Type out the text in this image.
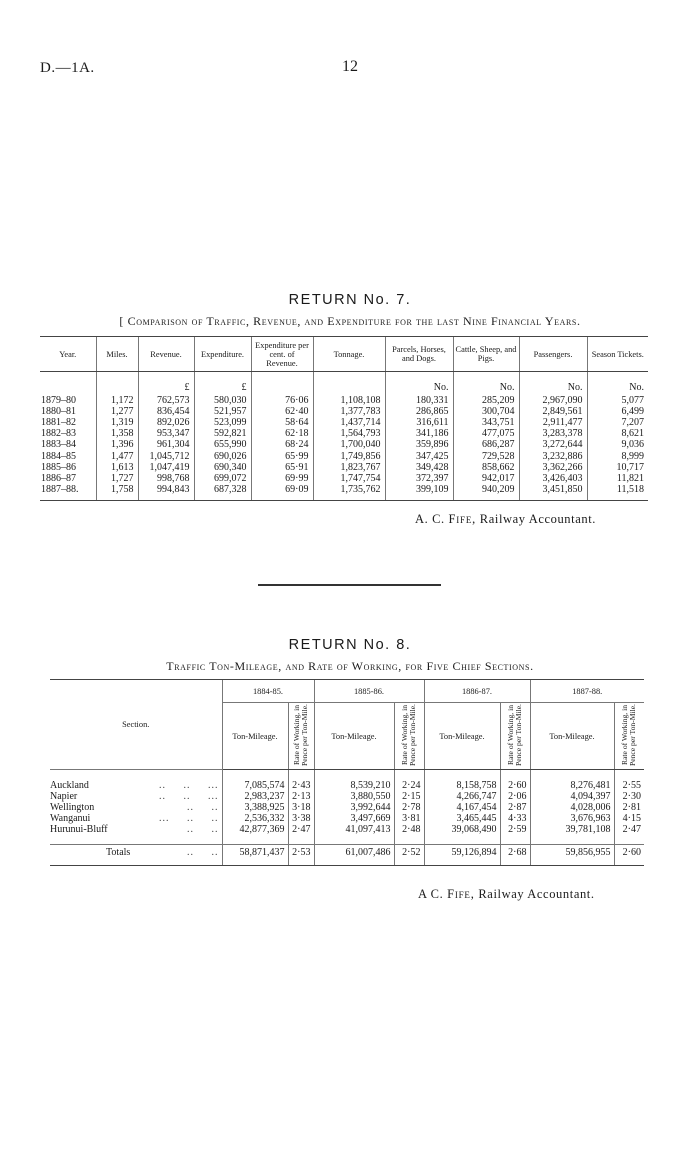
D.—1A.	12
RETURN No. 7.
[ Comparison of Traffic, Revenue, and Expenditure for the last Nine Financial Years.
Year.	Miles.	Revenue.	Expenditure.	Expenditure per cent. of Revenue.	Tonnage.	Parcels, Horses, and Dogs.	Cattle, Sheep, and Pigs.	Passengers.	Season Tickets.

		£	£			No.	No.	No.	No.
1879–80	1,172	762,573	580,030	76·06	1,108,108	180,331	285,209	2,967,090	5,077
1880–81	1,277	836,454	521,957	62·40	1,377,783	286,865	300,704	2,849,561	6,499
1881–82	1,319	892,026	523,099	58·64	1,437,714	316,611	343,751	2,911,477	7,207
1882–83	1,358	953,347	592,821	62·18	1,564,793	341,186	477,075	3,283,378	8,621
1883–84	1,396	961,304	655,990	68·24	1,700,040	359,896	686,287	3,272,644	9,036
1884–85	1,477	1,045,712	690,026	65·99	1,749,856	347,425	729,528	3,232,886	8,999
1885–86	1,613	1,047,419	690,340	65·91	1,823,767	349,428	858,662	3,362,266	10,717
1886–87	1,727	998,768	699,072	69·99	1,747,754	372,397	942,017	3,426,403	11,821
1887–88.	1,758	994,843	687,328	69·09	1,735,762	399,109	940,209	3,451,850	11,518
A. C. Fife, Railway Accountant.
RETURN No. 8.
Traffic Ton-Mileage, and Rate of Working, for Five Chief Sections.
Section.	1884-85.		1885-86.		1886-87.		1887-88.	
	Ton-Mileage.	Rate of Working, in Pence per Ton-Mile.	Ton-Mileage.	Rate of Working, in Pence per Ton-Mile.	Ton-Mileage.	Rate of Working, in Pence per Ton-Mile.	Ton-Mileage.	Rate of Working, in Pence per Ton-Mile.

Auckland ..     ..     ...	7,085,574	2·43	8,539,210	2·24	8,158,758	2·60	8,276,481	2·55
Napier ..     ..     ...	2,983,237	2·13	3,880,550	2·15	4,266,747	2·06	4,094,397	2·30
Wellington ..     ..	3,388,925	3·18	3,992,644	2·78	4,167,454	2·87	4,028,006	2·81
Wanganui ...     ..     ..	2,536,332	3·38	3,497,669	3·81	3,465,445	4·33	3,676,963	4·15
Hurunui-Bluff ..     ..	42,877,369	2·47	41,097,413	2·48	39,068,490	2·59	39,781,108	2·47

Totals ..     ..	58,871,437	2·53	61,007,486	2·52	59,126,894	2·68	59,856,955	2·60
A C. Fife, Railway Accountant.
